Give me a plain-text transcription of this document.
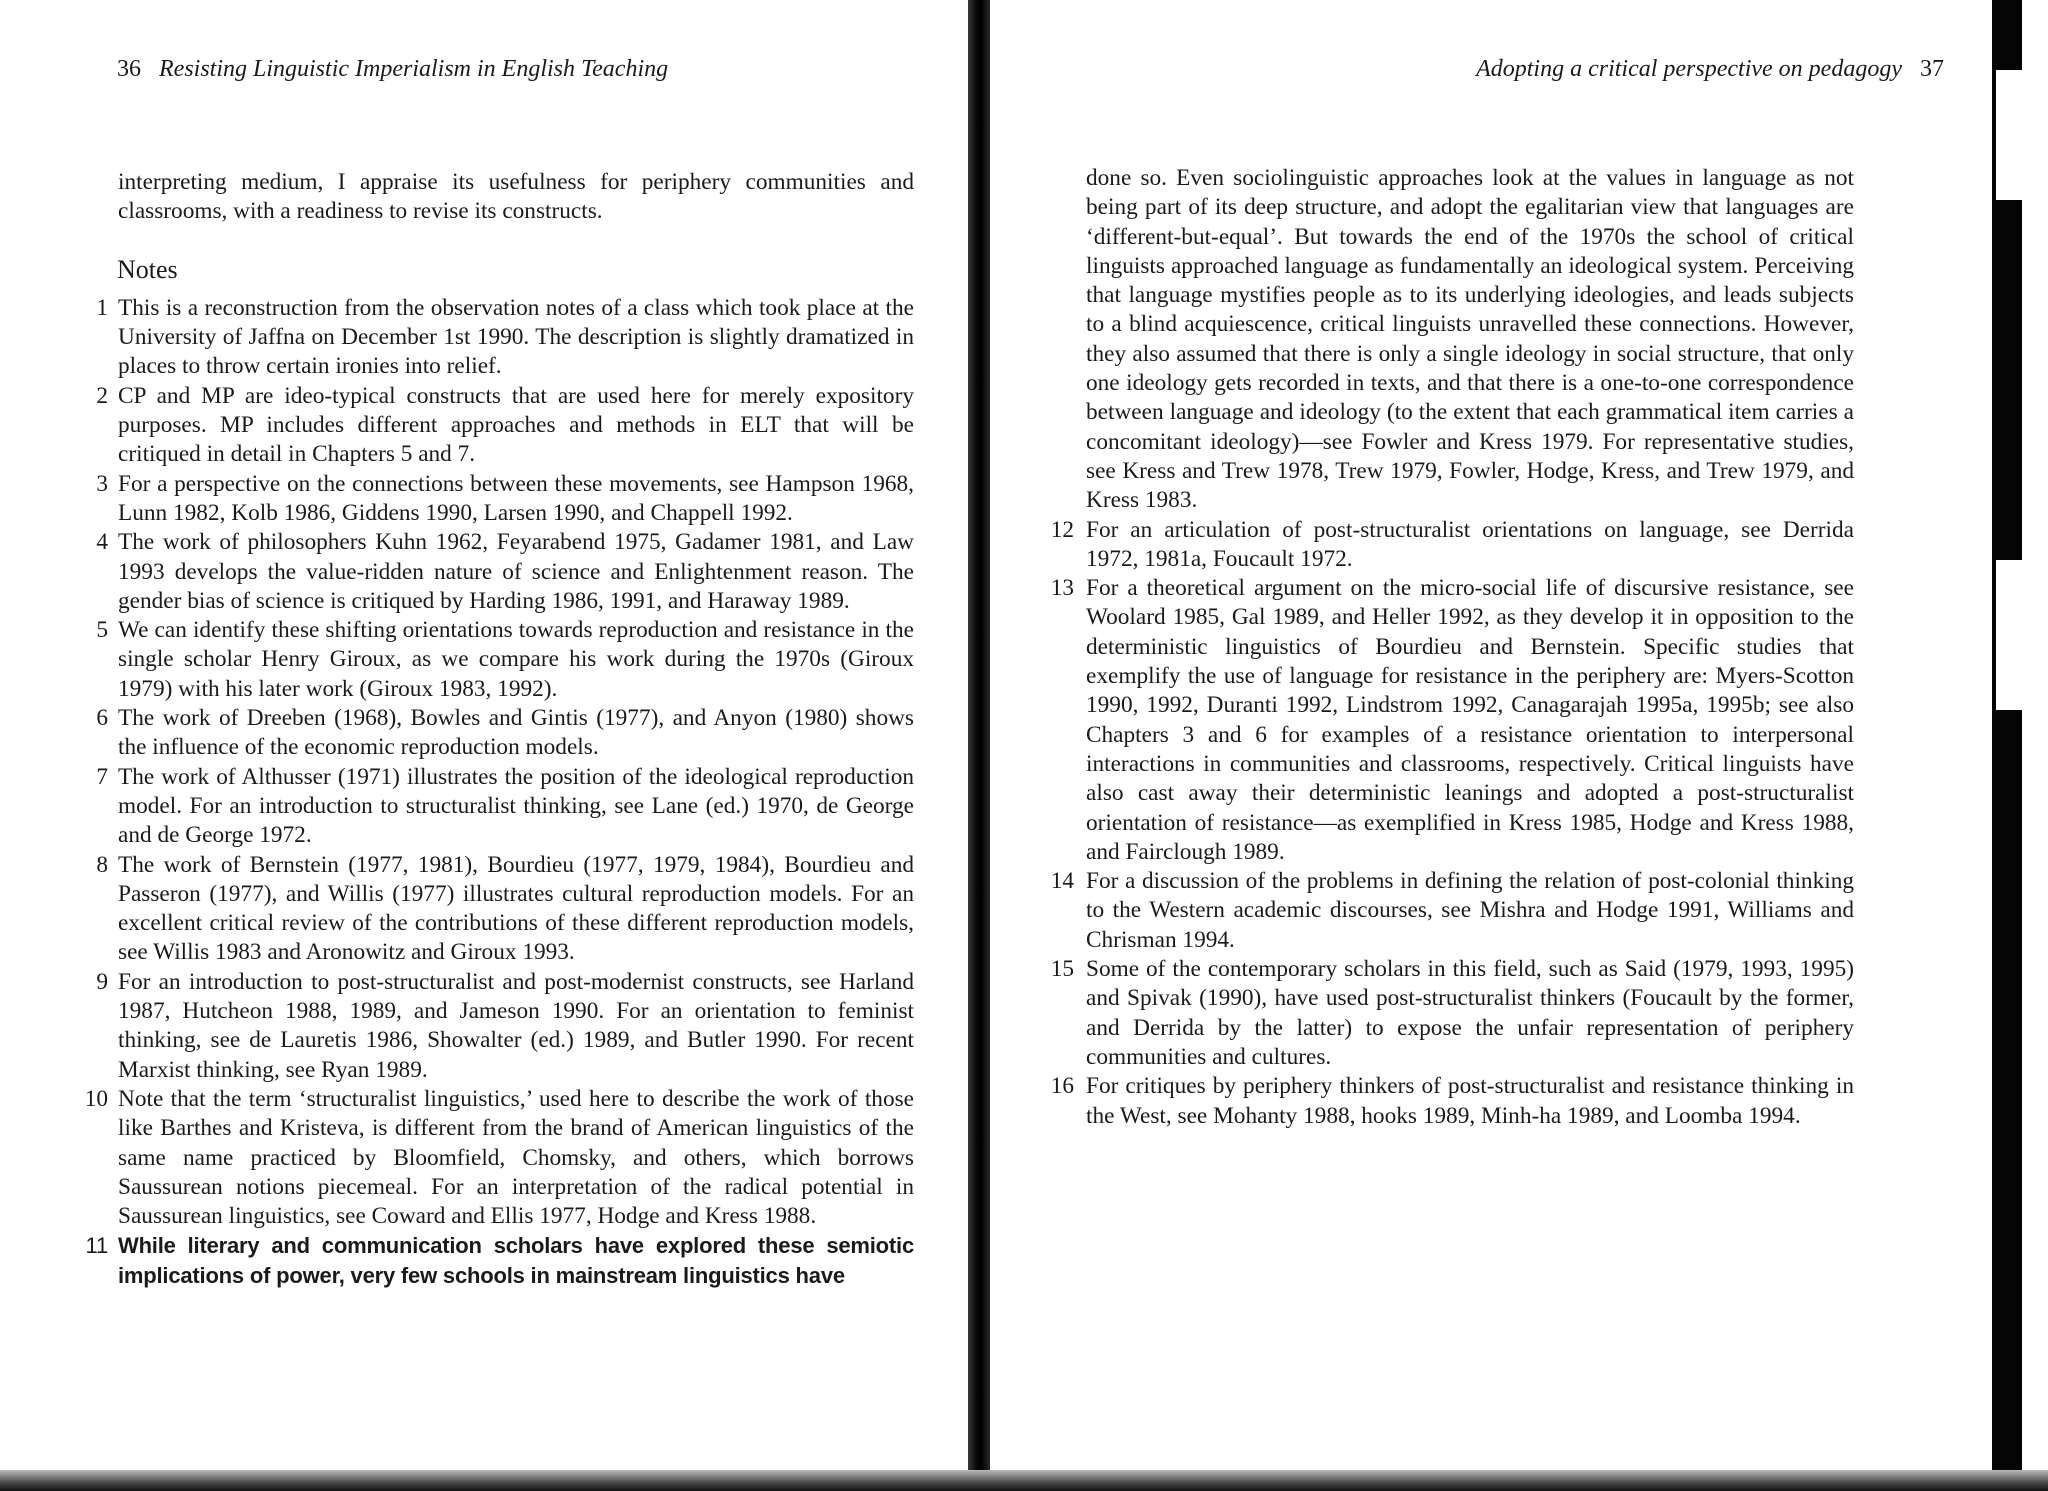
36 Resisting Linguistic Imperialism in English Teaching

interpreting medium, I appraise its usefulness for periphery communities and classrooms, with a readiness to revise its constructs.

Notes
1 This is a reconstruction from the observation notes of a class which took place at the University of Jaffna on December 1st 1990. The description is slightly dramatized in places to throw certain ironies into relief.
2 CP and MP are ideo-typical constructs that are used here for merely expository purposes. MP includes different approaches and methods in ELT that will be critiqued in detail in Chapters 5 and 7.
3 For a perspective on the connections between these movements, see Hampson 1968, Lunn 1982, Kolb 1986, Giddens 1990, Larsen 1990, and Chappell 1992.
4 The work of philosophers Kuhn 1962, Feyarabend 1975, Gadamer 1981, and Law 1993 develops the value-ridden nature of science and Enlightenment reason. The gender bias of science is critiqued by Harding 1986, 1991, and Haraway 1989.
5 We can identify these shifting orientations towards reproduction and resistance in the single scholar Henry Giroux, as we compare his work during the 1970s (Giroux 1979) with his later work (Giroux 1983, 1992).
6 The work of Dreeben (1968), Bowles and Gintis (1977), and Anyon (1980) shows the influence of the economic reproduction models.
7 The work of Althusser (1971) illustrates the position of the ideological reproduction model. For an introduction to structuralist thinking, see Lane (ed.) 1970, de George and de George 1972.
8 The work of Bernstein (1977, 1981), Bourdieu (1977, 1979, 1984), Bourdieu and Passeron (1977), and Willis (1977) illustrates cultural reproduction models. For an excellent critical review of the contributions of these different reproduction models, see Willis 1983 and Aronowitz and Giroux 1993.
9 For an introduction to post-structuralist and post-modernist constructs, see Harland 1987, Hutcheon 1988, 1989, and Jameson 1990. For an orientation to feminist thinking, see de Lauretis 1986, Showalter (ed.) 1989, and Butler 1990. For recent Marxist thinking, see Ryan 1989.
10 Note that the term ‘structuralist linguistics,’ used here to describe the work of those like Barthes and Kristeva, is different from the brand of American linguistics of the same name practiced by Bloomfield, Chomsky, and others, which borrows Saussurean notions piecemeal. For an interpretation of the radical potential in Saussurean linguistics, see Coward and Ellis 1977, Hodge and Kress 1988.
11 While literary and communication scholars have explored these semiotic implications of power, very few schools in mainstream linguistics have
Adopting a critical perspective on pedagogy 37

done so. Even sociolinguistic approaches look at the values in language as not being part of its deep structure, and adopt the egalitarian view that languages are ‘different-but-equal’. But towards the end of the 1970s the school of critical linguists approached language as fundamentally an ideological system. Perceiving that language mystifies people as to its underlying ideologies, and leads subjects to a blind acquiescence, critical linguists unravelled these connections. However, they also assumed that there is only a single ideology in social structure, that only one ideology gets recorded in texts, and that there is a one-to-one correspondence between language and ideology (to the extent that each grammatical item carries a concomitant ideology)—see Fowler and Kress 1979. For representative studies, see Kress and Trew 1978, Trew 1979, Fowler, Hodge, Kress, and Trew 1979, and Kress 1983.

12 For an articulation of post-structuralist orientations on language, see Derrida 1972, 1981a, Foucault 1972.
13 For a theoretical argument on the micro-social life of discursive resistance, see Woolard 1985, Gal 1989, and Heller 1992, as they develop it in opposition to the deterministic linguistics of Bourdieu and Bernstein. Specific studies that exemplify the use of language for resistance in the periphery are: Myers-Scotton 1990, 1992, Duranti 1992, Lindstrom 1992, Canagarajah 1995a, 1995b; see also Chapters 3 and 6 for examples of a resistance orientation to interpersonal interactions in communities and classrooms, respectively. Critical linguists have also cast away their deterministic leanings and adopted a post-structuralist orientation of resistance—as exemplified in Kress 1985, Hodge and Kress 1988, and Fairclough 1989.
14 For a discussion of the problems in defining the relation of post-colonial thinking to the Western academic discourses, see Mishra and Hodge 1991, Williams and Chrisman 1994.
15 Some of the contemporary scholars in this field, such as Said (1979, 1993, 1995) and Spivak (1990), have used post-structuralist thinkers (Foucault by the former, and Derrida by the latter) to expose the unfair representation of periphery communities and cultures.
16 For critiques by periphery thinkers of post-structuralist and resistance thinking in the West, see Mohanty 1988, hooks 1989, Minh-ha 1989, and Loomba 1994.
